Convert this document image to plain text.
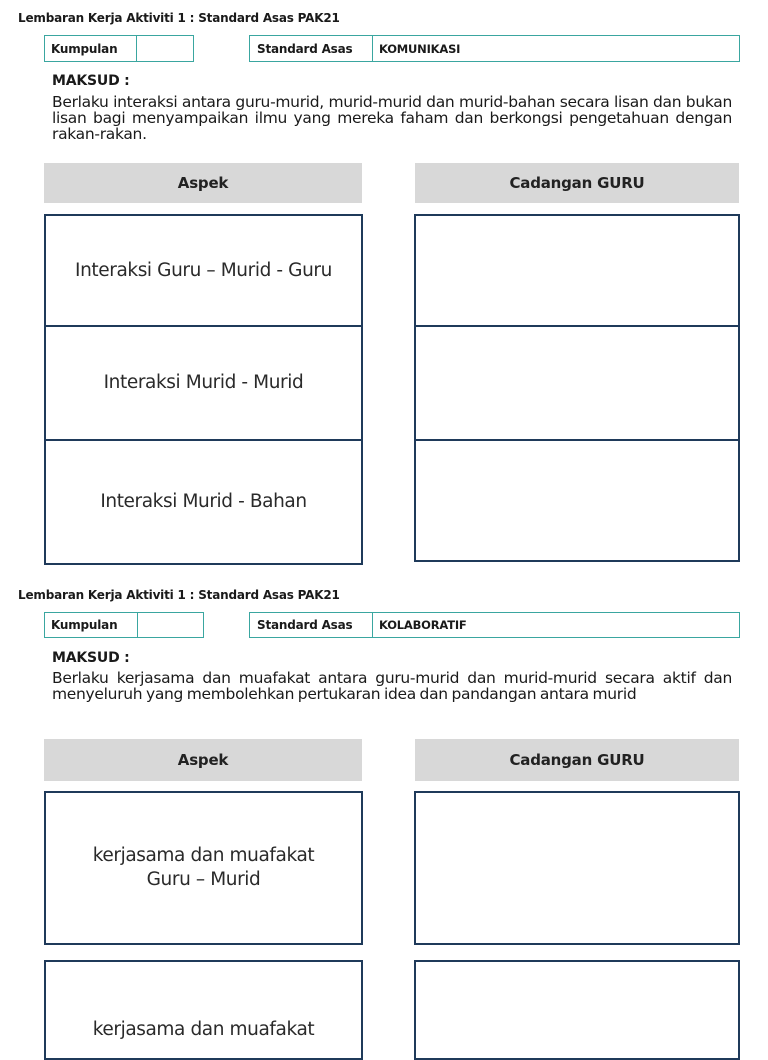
Lembaran Kerja Aktiviti 1 : Standard Asas PAK21
Kumpulan	Standard Asas	KOMUNIKASI
MAKSUD :
Berlaku interaksi antara guru-murid, murid-murid dan murid-bahan secara lisan dan bukan lisan bagi menyampaikan ilmu yang mereka faham dan berkongsi pengetahuan dengan rakan-rakan.
Aspek	Cadangan GURU
Interaksi Guru – Murid - Guru
Interaksi Murid - Murid
Interaksi Murid - Bahan
Lembaran Kerja Aktiviti 1 : Standard Asas PAK21
Kumpulan	Standard Asas	KOLABORATIF
MAKSUD :
Berlaku kerjasama dan muafakat antara guru-murid dan murid-murid secara aktif dan menyeluruh yang membolehkan pertukaran idea dan pandangan antara murid
Aspek	Cadangan GURU
kerjasama dan muafakat
Guru – Murid
kerjasama dan muafakat
